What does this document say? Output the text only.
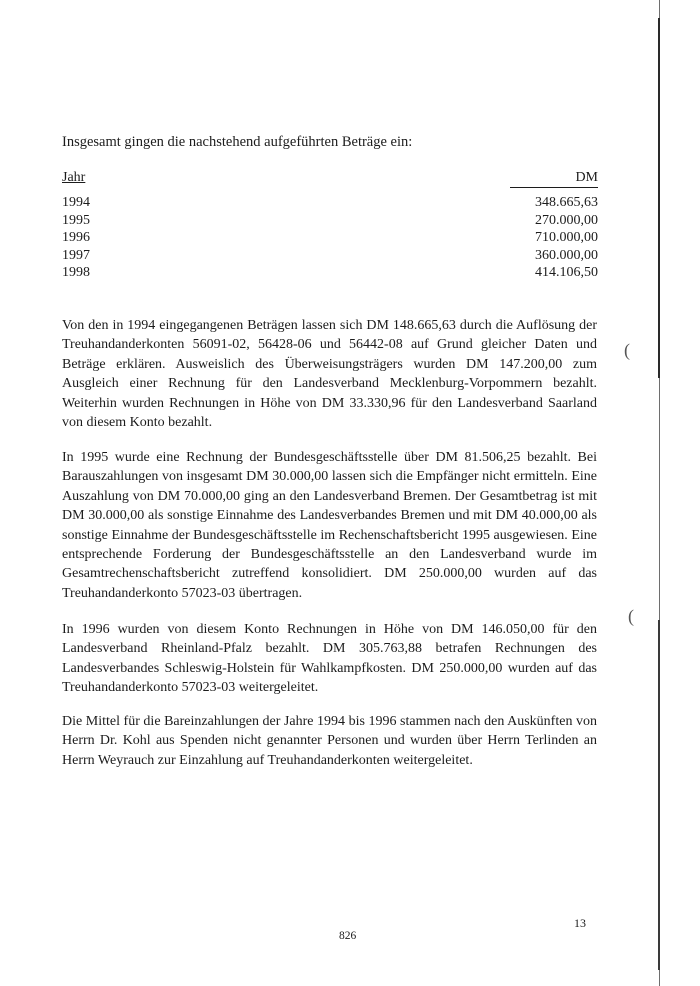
(
(
Insgesamt gingen die nachstehend aufgeführten Beträge ein:
Jahr	DM
1994	348.665,63
1995	270.000,00
1996	710.000,00
1997	360.000,00
1998	414.106,50

Von den in 1994 eingegangenen Beträgen lassen sich DM 148.665,63 durch die Auflösung der Treuhandanderkonten 56091-02, 56428-06 und 56442-08 auf Grund gleicher Daten und Beträge erklären. Ausweislich des Überweisungsträgers wurden DM 147.200,00 zum Ausgleich einer Rechnung für den Landesverband Mecklenburg-Vorpommern bezahlt. Weiterhin wurden Rechnungen in Höhe von DM 33.330,96 für den Landesverband Saarland von diesem Konto bezahlt.

In 1995 wurde eine Rechnung der Bundesgeschäftsstelle über DM 81.506,25 bezahlt. Bei Barauszahlungen von insgesamt DM 30.000,00 lassen sich die Empfänger nicht ermitteln. Eine Auszahlung von DM 70.000,00 ging an den Landesverband Bremen. Der Gesamtbetrag ist mit DM 30.000,00 als sonstige Einnahme des Landesverbandes Bremen und mit DM 40.000,00 als sonstige Einnahme der Bundesgeschäftsstelle im Rechenschaftsbericht 1995 ausgewiesen. Eine entsprechende Forderung der Bundesgeschäftsstelle an den Landesverband wurde im Gesamtrechenschaftsbericht zutreffend konsolidiert. DM 250.000,00 wurden auf das Treuhandanderkonto 57023-03 übertragen.

In 1996 wurden von diesem Konto Rechnungen in Höhe von DM 146.050,00 für den Landesverband Rheinland-Pfalz bezahlt. DM 305.763,88 betrafen Rechnungen des Landesverbandes Schleswig-Holstein für Wahlkampfkosten. DM 250.000,00 wurden auf das Treuhandanderkonto 57023-03 weitergeleitet.

Die Mittel für die Bareinzahlungen der Jahre 1994 bis 1996 stammen nach den Auskünften von Herrn Dr. Kohl aus Spenden nicht genannter Personen und wurden über Herrn Terlinden an Herrn Weyrauch zur Einzahlung auf Treuhandanderkonten weitergeleitet.

13
826
